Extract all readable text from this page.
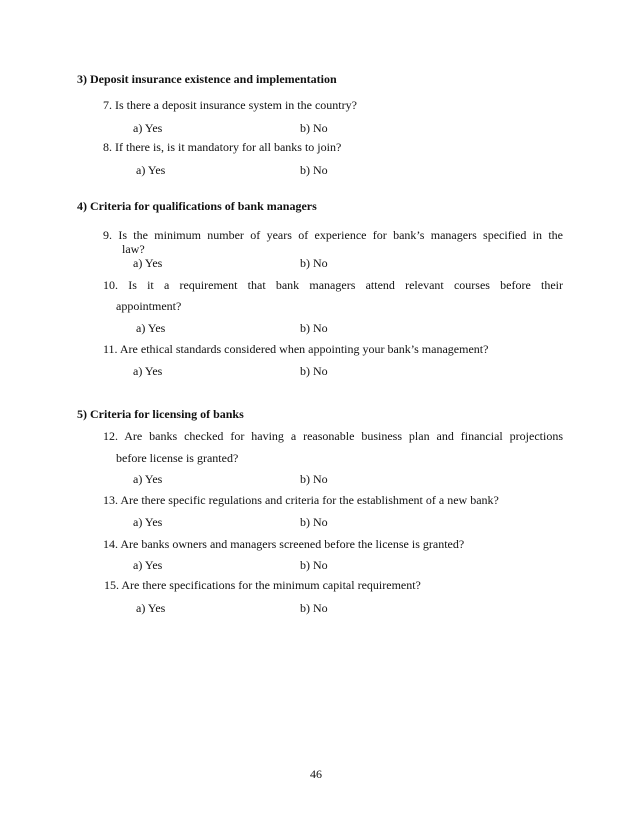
3) Deposit insurance existence and implementation
7. Is there a deposit insurance system in the country?
a) Yes	b) No
8. If there is, is it mandatory for all banks to join?
a) Yes	b) No
4) Criteria for qualifications of bank managers
9. Is the minimum number of years of experience for bank’s managers specified in the
law?
a) Yes	b) No
10. Is it a requirement that bank managers attend relevant courses before their
appointment?
a) Yes	b) No
11. Are ethical standards considered when appointing your bank’s management?
a) Yes	b) No
5) Criteria for licensing of banks
12. Are banks checked for having a reasonable business plan and financial projections
before license is granted?
a) Yes	b) No
13. Are there specific regulations and criteria for the establishment of a new bank?
a) Yes	b) No
14. Are banks owners and managers screened before the license is granted?
a) Yes	b) No
15. Are there specifications for the minimum capital requirement?
a) Yes	b) No
46
